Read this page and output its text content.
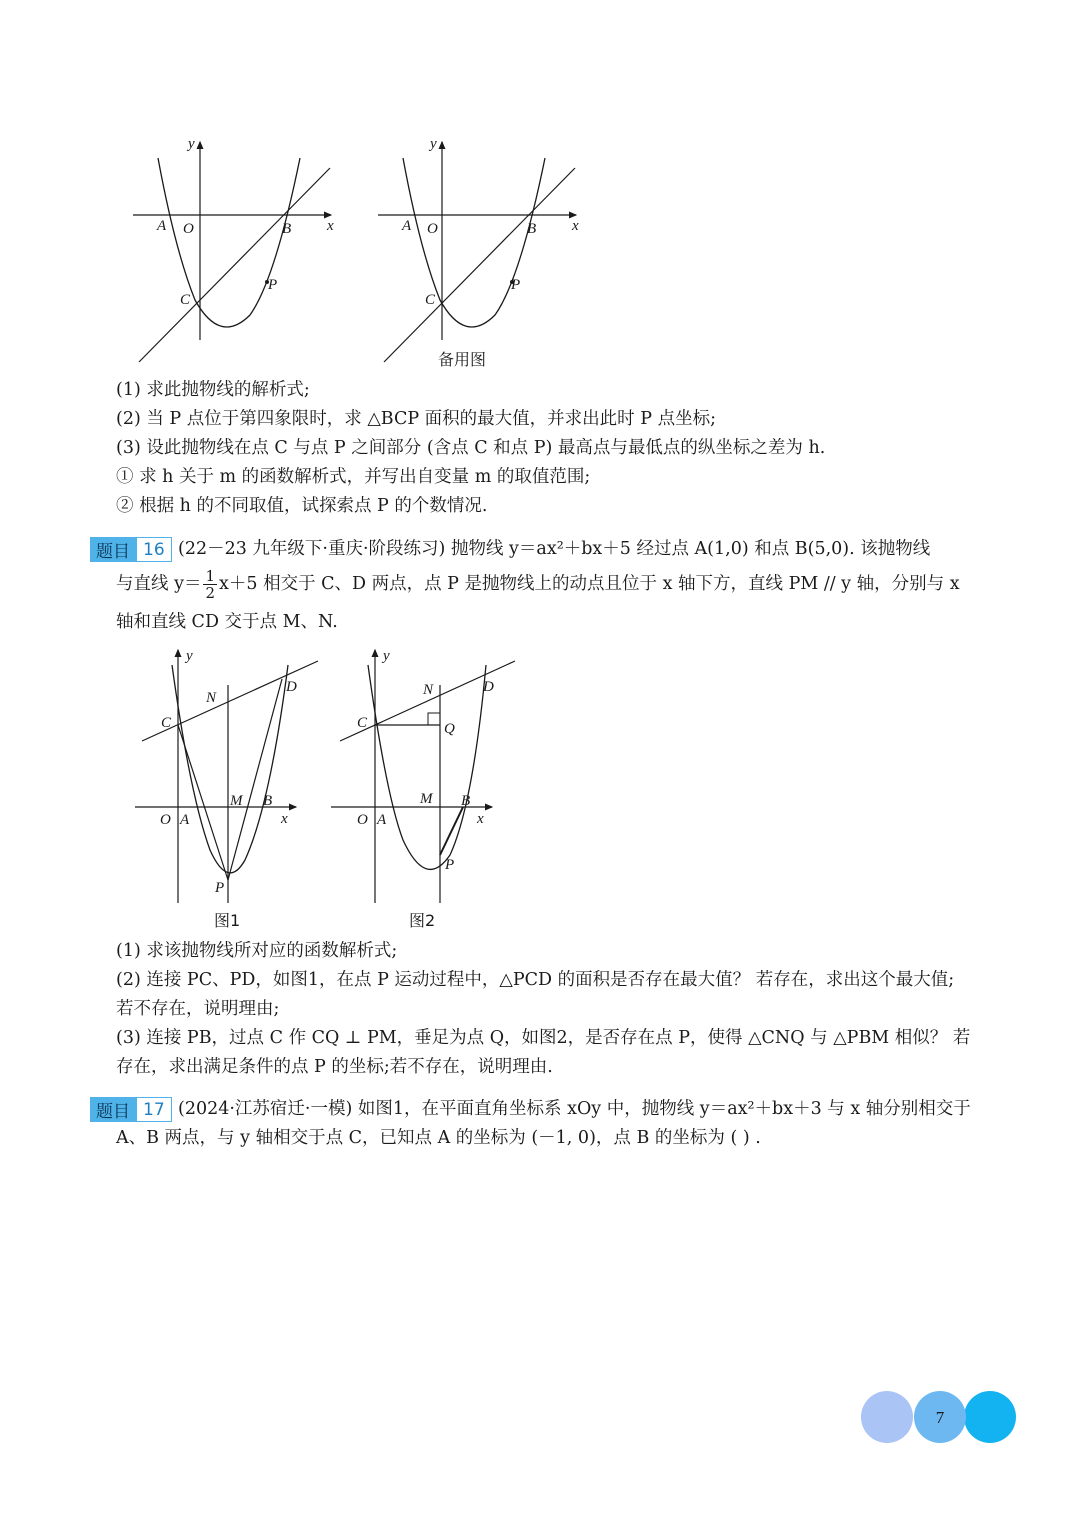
y
x
A O	B
C
P
y
x
A O	B
C
P
备用图
(1) 求此抛物线的解析式;
(2) 当 P 点位于第四象限时，求 △BCP 面积的最大值，并求出此时 P 点坐标;
(3) 设此抛物线在点 C 与点 P 之间部分 (含点 C 和点 P) 最高点与最低点的纵坐标之差为 h.
① 求 h 关于 m 的函数解析式，并写出自变量 m 的取值范围;
② 根据 h 的不同取值，试探索点 P 的个数情况.
题目 16 (22－23 九年级下·重庆·阶段练习) 抛物线 y＝ax²＋bx＋5 经过点 A(1,0) 和点 B(5,0). 该抛物线
与直线 $y= \frac{1}{2} x+5$ 相交于 C、D 两点，点 P 是抛物线上的动点且位于 x 轴下方，直线 PM // y 轴，分别与 x
轴和直线 CD 交于点 M、N.
y
x
N
D
C
M B
O A
P
图1
y
x
N	D
C	Q
M B
O A
P
图2
(1) 求该抛物线所对应的函数解析式;
(2) 连接 PC、PD，如图1，在点 P 运动过程中，△PCD 的面积是否存在最大值？ 若存在，求出这个最大值;
若不存在，说明理由;
(3) 连接 PB，过点 C 作 CQ ⊥ PM，垂足为点 Q，如图2，是否存在点 P，使得 △CNQ 与 △PBM 相似？ 若
存在，求出满足条件的点 P 的坐标;若不存在，说明理由.
题目 17 (2024·江苏宿迁·一模) 如图1，在平面直角坐标系 xOy 中，抛物线 y＝ax²＋bx＋3 与 x 轴分别相交于
A、B 两点，与 y 轴相交于点 C，已知点 A 的坐标为 (－1, 0)，点 B 的坐标为 ( ) .
7
